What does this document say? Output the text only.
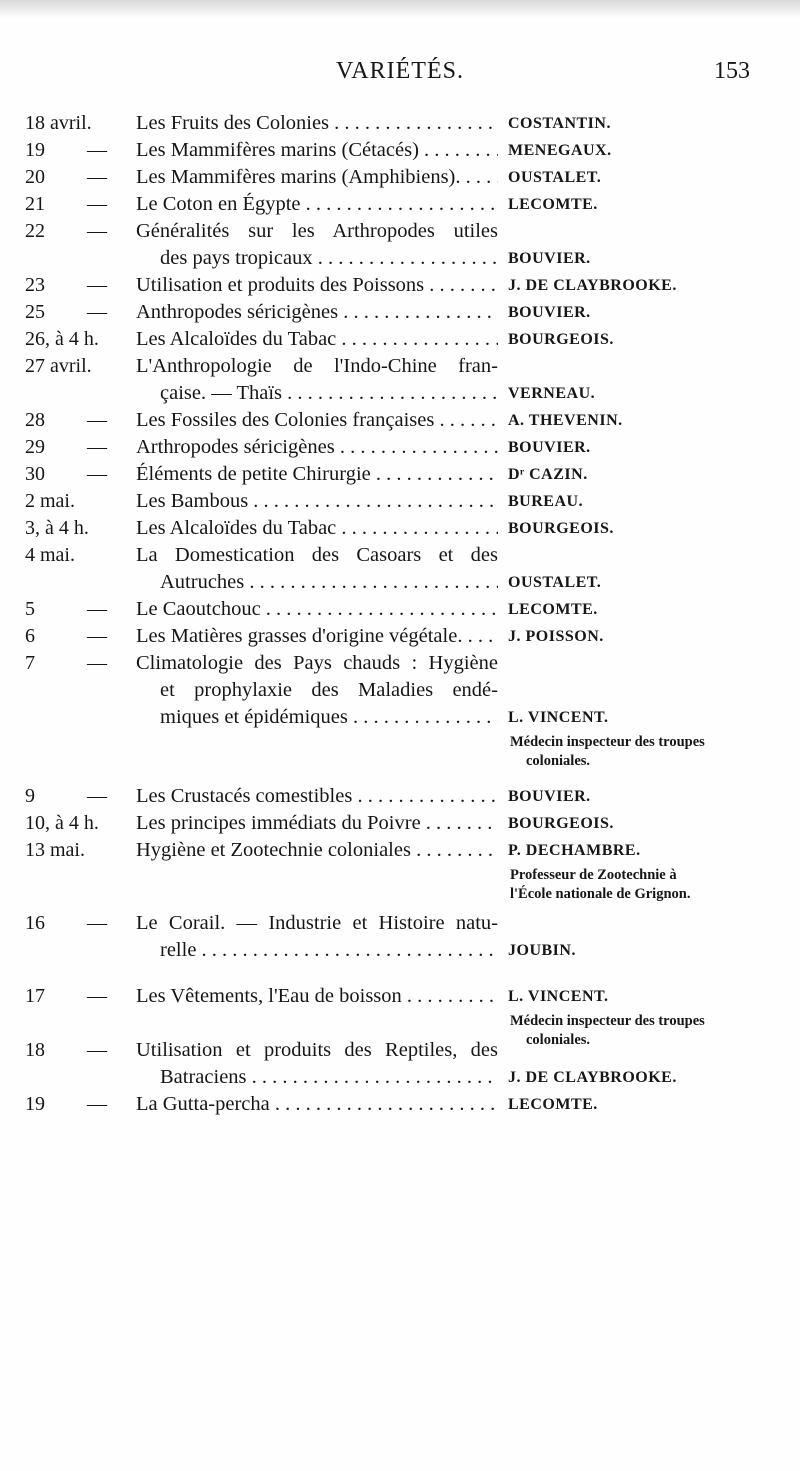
VARIÉTÉS.	153
18 avril.	Les Fruits des Colonies . . .	COSTANTIN.
19	— Les Mammifères marins (Cétacés) . . .	MENEGAUX.
20	— Les Mammifères marins (Amphibiens). . . .	OUSTALET.
21	— Le Coton en Égypte . . .	LECOMTE.
22	— Généralités sur les Arthropodes utiles
des pays tropicaux . . .	BOUVIER.
23	— Utilisation et produits des Poissons . . .	J. DE CLAYBROOKE.
25	— Anthropodes séricigènes . . .	BOUVIER.
26, à 4 h.	Les Alcaloïdes du Tabac . . .	BOURGEOIS.
27 avril.	L'Anthropologie de l'Indo-Chine fran-
çaise. — Thaïs . . .	VERNEAU.
28	— Les Fossiles des Colonies françaises . . .	A. THEVENIN.
29	— Arthropodes séricigènes . . .	BOUVIER.
30	— Éléments de petite Chirurgie . . .	Dʳ CAZIN.
2 mai.	Les Bambous . . .	BUREAU.
3, à 4 h.	Les Alcaloïdes du Tabac . . .	BOURGEOIS.
4 mai.	La Domestication des Casoars et des
Autruches . . .	OUSTALET.
5	— Le Caoutchouc . . .	LECOMTE.
6	— Les Matières grasses d'origine végétale. . . .	J. POISSON.
7	— Climatologie des Pays chauds : Hygiène
et prophylaxie des Maladies endé-
miques et épidémiques . . .	L. VINCENT.
Médecin inspecteur des troupes
coloniales.
9	— Les Crustacés comestibles . . .	BOUVIER.
10, à 4 h.	Les principes immédiats du Poivre . . .	BOURGEOIS.
13 mai.	Hygiène et Zootechnie coloniales . . .	P. DECHAMBRE.
Professeur de Zootechnie à
l'École nationale de Grignon.
16	— Le Corail. — Industrie et Histoire natu-
relle . . .	JOUBIN.
17	— Les Vêtements, l'Eau de boisson . . .	L. VINCENT.
Médecin inspecteur des troupes
coloniales.
18	— Utilisation et produits des Reptiles, des
Batraciens . . .	J. DE CLAYBROOKE.
19	— La Gutta-percha . . .	LECOMTE.
